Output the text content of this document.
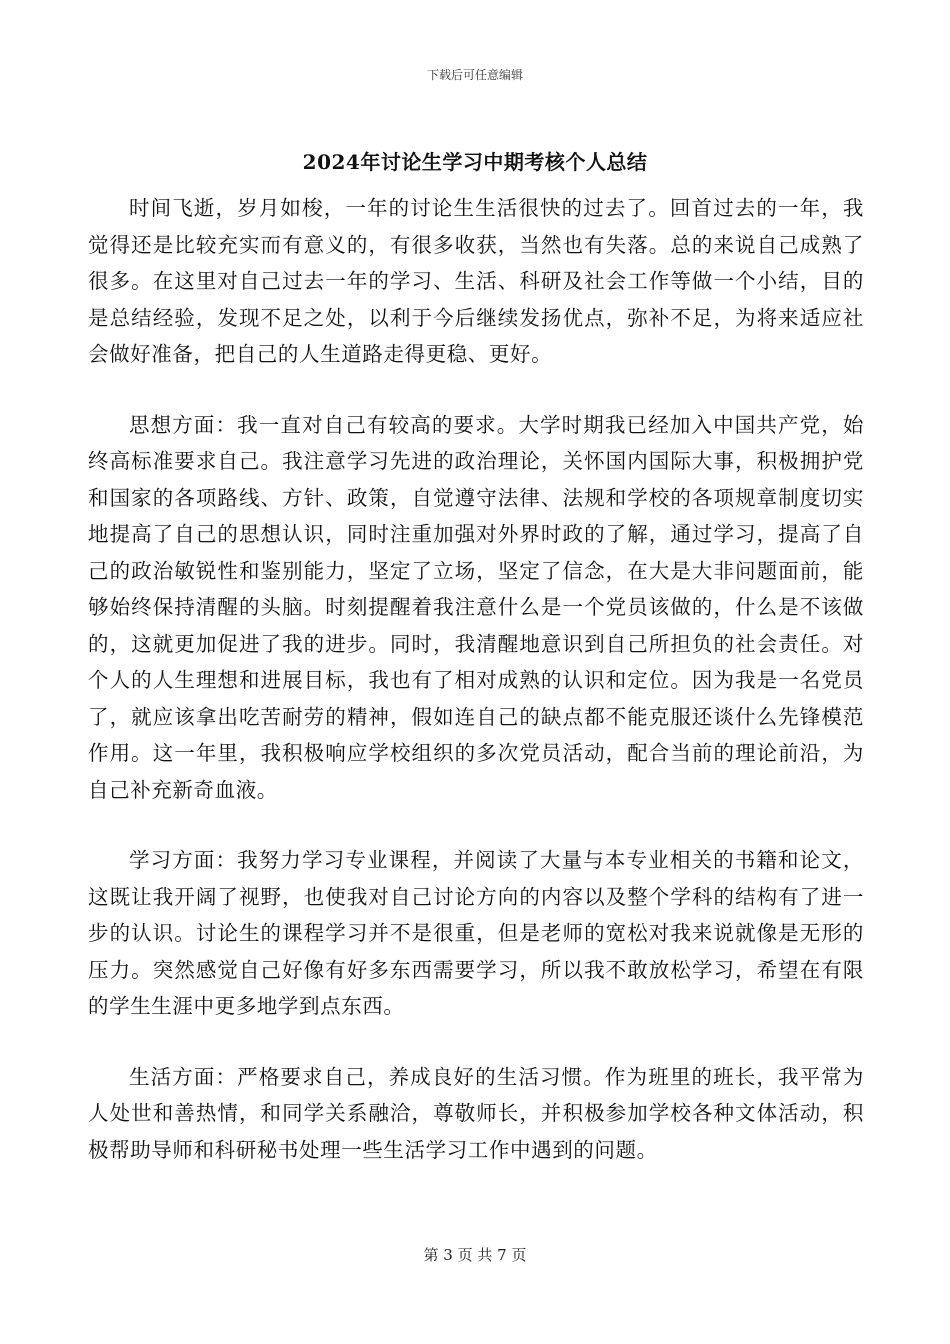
下载后可任意编辑
2024年讨论生学习中期考核个人总结

时间飞逝，岁月如梭，一年的讨论生生活很快的过去了。回首过去的一年，我觉得还是比较充实而有意义的，有很多收获，当然也有失落。总的来说自己成熟了很多。在这里对自己过去一年的学习、生活、科研及社会工作等做一个小结，目的是总结经验，发现不足之处，以利于今后继续发扬优点，弥补不足，为将来适应社会做好准备，把自己的人生道路走得更稳、更好。

思想方面：我一直对自己有较高的要求。大学时期我已经加入中国共产党，始终高标准要求自己。我注意学习先进的政治理论，关怀国内国际大事，积极拥护党和国家的各项路线、方针、政策，自觉遵守法律、法规和学校的各项规章制度切实地提高了自己的思想认识，同时注重加强对外界时政的了解，通过学习，提高了自己的政治敏锐性和鉴别能力，坚定了立场，坚定了信念，在大是大非问题面前，能够始终保持清醒的头脑。时刻提醒着我注意什么是一个党员该做的，什么是不该做的，这就更加促进了我的进步。同时，我清醒地意识到自己所担负的社会责任。对个人的人生理想和进展目标，我也有了相对成熟的认识和定位。因为我是一名党员了，就应该拿出吃苦耐劳的精神，假如连自己的缺点都不能克服还谈什么先锋模范作用。这一年里，我积极响应学校组织的多次党员活动，配合当前的理论前沿，为自己补充新奇血液。

学习方面：我努力学习专业课程，并阅读了大量与本专业相关的书籍和论文，这既让我开阔了视野，也使我对自己讨论方向的内容以及整个学科的结构有了进一步的认识。讨论生的课程学习并不是很重，但是老师的宽松对我来说就像是无形的压力。突然感觉自己好像有好多东西需要学习，所以我不敢放松学习，希望在有限的学生生涯中更多地学到点东西。

生活方面：严格要求自己，养成良好的生活习惯。作为班里的班长，我平常为人处世和善热情，和同学关系融洽，尊敬师长，并积极参加学校各种文体活动，积极帮助导师和科研秘书处理一些生活学习工作中遇到的问题。

第 3 页 共 7 页
